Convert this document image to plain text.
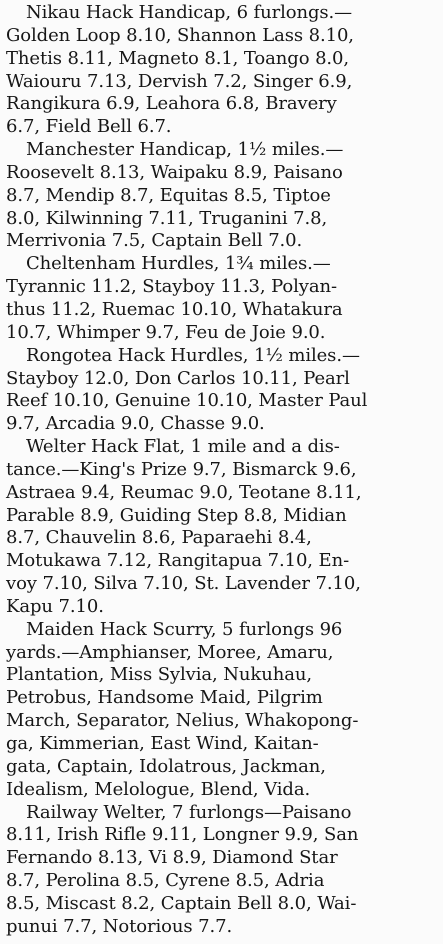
Nikau Hack Handicap, 6 furlongs.—
Golden Loop 8.10, Shannon Lass 8.10,
Thetis 8.11, Magneto 8.1, Toango 8.0,
Waiouru 7.13, Dervish 7.2, Singer 6.9,
Rangikura 6.9, Leahora 6.8, Bravery
6.7, Field Bell 6.7.
Manchester Handicap, 1½ miles.—
Roosevelt 8.13, Waipaku 8.9, Paisano
8.7, Mendip 8.7, Equitas 8.5, Tiptoe
8.0, Kilwinning 7.11, Truganini 7.8,
Merrivonia 7.5, Captain Bell 7.0.
Cheltenham Hurdles, 1¾ miles.—
Tyrannic 11.2, Stayboy 11.3, Polyan-
thus 11.2, Ruemac 10.10, Whatakura
10.7, Whimper 9.7, Feu de Joie 9.0.
Rongotea Hack Hurdles, 1½ miles.—
Stayboy 12.0, Don Carlos 10.11, Pearl
Reef 10.10, Genuine 10.10, Master Paul
9.7, Arcadia 9.0, Chasse 9.0.
Welter Hack Flat, 1 mile and a dis-
tance.—King's Prize 9.7, Bismarck 9.6,
Astraea 9.4, Reumac 9.0, Teotane 8.11,
Parable 8.9, Guiding Step 8.8, Midian
8.7, Chauvelin 8.6, Paparaehi 8.4,
Motukawa 7.12, Rangitapua 7.10, En-
voy 7.10, Silva 7.10, St. Lavender 7.10,
Kapu 7.10.
Maiden Hack Scurry, 5 furlongs 96
yards.—Amphianser, Moree, Amaru,
Plantation, Miss Sylvia, Nukuhau,
Petrobus, Handsome Maid, Pilgrim
March, Separator, Nelius, Whakopong-
ga, Kimmerian, East Wind, Kaitan-
gata, Captain, Idolatrous, Jackman,
Idealism, Melologue, Blend, Vida.
Railway Welter, 7 furlongs—Paisano
8.11, Irish Rifle 9.11, Longner 9.9, San
Fernando 8.13, Vi 8.9, Diamond Star
8.7, Perolina 8.5, Cyrene 8.5, Adria
8.5, Miscast 8.2, Captain Bell 8.0, Wai-
punui 7.7, Notorious 7.7.
